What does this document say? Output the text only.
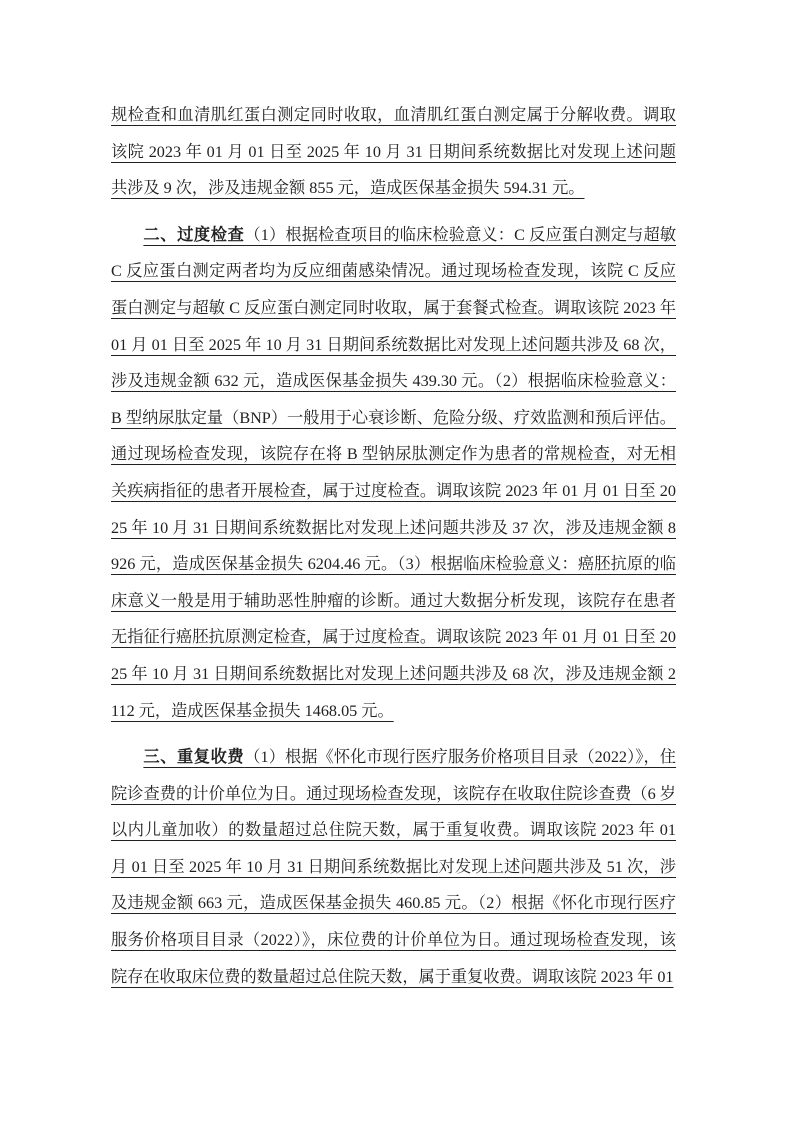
规检查和血清肌红蛋白测定同时收取，血清肌红蛋白测定属于分解收费。调取该院 2023 年 01 月 01 日至 2025 年 10 月 31 日期间系统数据比对发现上述问题共涉及 9 次，涉及违规金额 855 元，造成医保基金损失 594.31 元。

二、过度检查（1）根据检查项目的临床检验意义：C 反应蛋白测定与超敏 C 反应蛋白测定两者均为反应细菌感染情况。通过现场检查发现，该院 C 反应蛋白测定与超敏 C 反应蛋白测定同时收取，属于套餐式检查。调取该院 2023 年 01 月 01 日至 2025 年 10 月 31 日期间系统数据比对发现上述问题共涉及 68 次，涉及违规金额 632 元，造成医保基金损失 439.30 元。（2）根据临床检验意义：B 型纳尿肽定量（BNP）一般用于心衰诊断、危险分级、疗效监测和预后评估。通过现场检查发现，该院存在将 B 型钠尿肽测定作为患者的常规检查，对无相关疾病指征的患者开展检查，属于过度检查。调取该院 2023 年 01 月 01 日至 2025 年 10 月 31 日期间系统数据比对发现上述问题共涉及 37 次，涉及违规金额 8926 元，造成医保基金损失 6204.46 元。（3）根据临床检验意义：癌胚抗原的临床意义一般是用于辅助恶性肿瘤的诊断。通过大数据分析发现，该院存在患者无指征行癌胚抗原测定检查，属于过度检查。调取该院 2023 年 01 月 01 日至 2025 年 10 月 31 日期间系统数据比对发现上述问题共涉及 68 次，涉及违规金额 2112 元，造成医保基金损失 1468.05 元。

三、重复收费（1）根据《怀化市现行医疗服务价格项目目录（2022）》，住院诊查费的计价单位为日。通过现场检查发现，该院存在收取住院诊查费（6 岁以内儿童加收）的数量超过总住院天数，属于重复收费。调取该院 2023 年 01 月 01 日至 2025 年 10 月 31 日期间系统数据比对发现上述问题共涉及 51 次，涉及违规金额 663 元，造成医保基金损失 460.85 元。（2）根据《怀化市现行医疗服务价格项目目录（2022）》，床位费的计价单位为日。通过现场检查发现，该院存在收取床位费的数量超过总住院天数，属于重复收费。调取该院 2023 年 01
